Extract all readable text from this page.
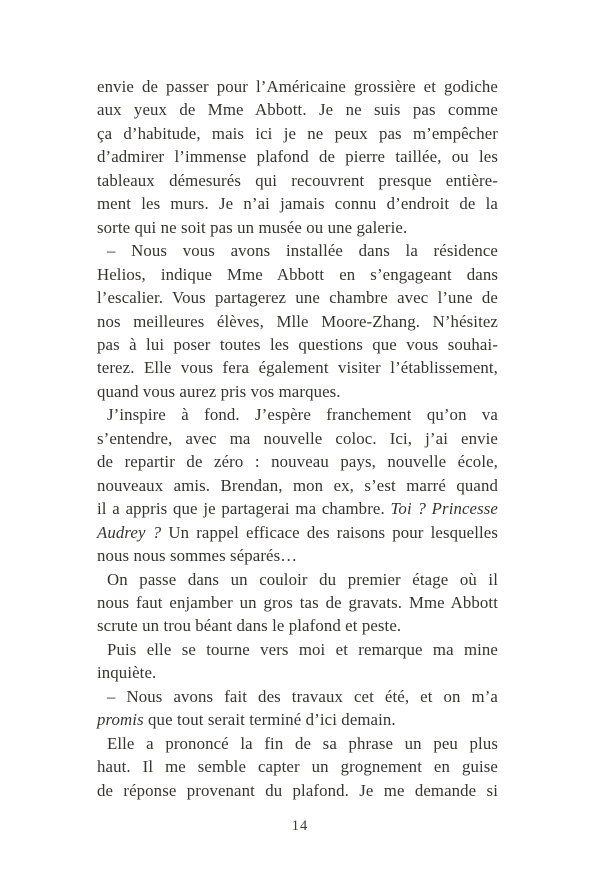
envie de passer pour l’Américaine grossière et godiche
aux yeux de Mme Abbott. Je ne suis pas comme
ça d’habitude, mais ici je ne peux pas m’empêcher
d’admirer l’immense plafond de pierre taillée, ou les
tableaux démesurés qui recouvrent presque entière-
ment les murs. Je n’ai jamais connu d’endroit de la
sorte qui ne soit pas un musée ou une galerie.
– Nous vous avons installée dans la résidence
Helios, indique Mme Abbott en s’engageant dans
l’escalier. Vous partagerez une chambre avec l’une de
nos meilleures élèves, Mlle Moore-Zhang. N’hésitez
pas à lui poser toutes les questions que vous souhai-
terez. Elle vous fera également visiter l’établissement,
quand vous aurez pris vos marques.
J’inspire à fond. J’espère franchement qu’on va
s’entendre, avec ma nouvelle coloc. Ici, j’ai envie
de repartir de zéro : nouveau pays, nouvelle école,
nouveaux amis. Brendan, mon ex, s’est marré quand
il a appris que je partagerai ma chambre. Toi ? Princesse
Audrey ? Un rappel efficace des raisons pour lesquelles
nous nous sommes séparés…
On passe dans un couloir du premier étage où il
nous faut enjamber un gros tas de gravats. Mme Abbott
scrute un trou béant dans le plafond et peste.
Puis elle se tourne vers moi et remarque ma mine
inquiète.
– Nous avons fait des travaux cet été, et on m’a
promis que tout serait terminé d’ici demain.
Elle a prononcé la fin de sa phrase un peu plus
haut. Il me semble capter un grognement en guise
de réponse provenant du plafond. Je me demande si
14
